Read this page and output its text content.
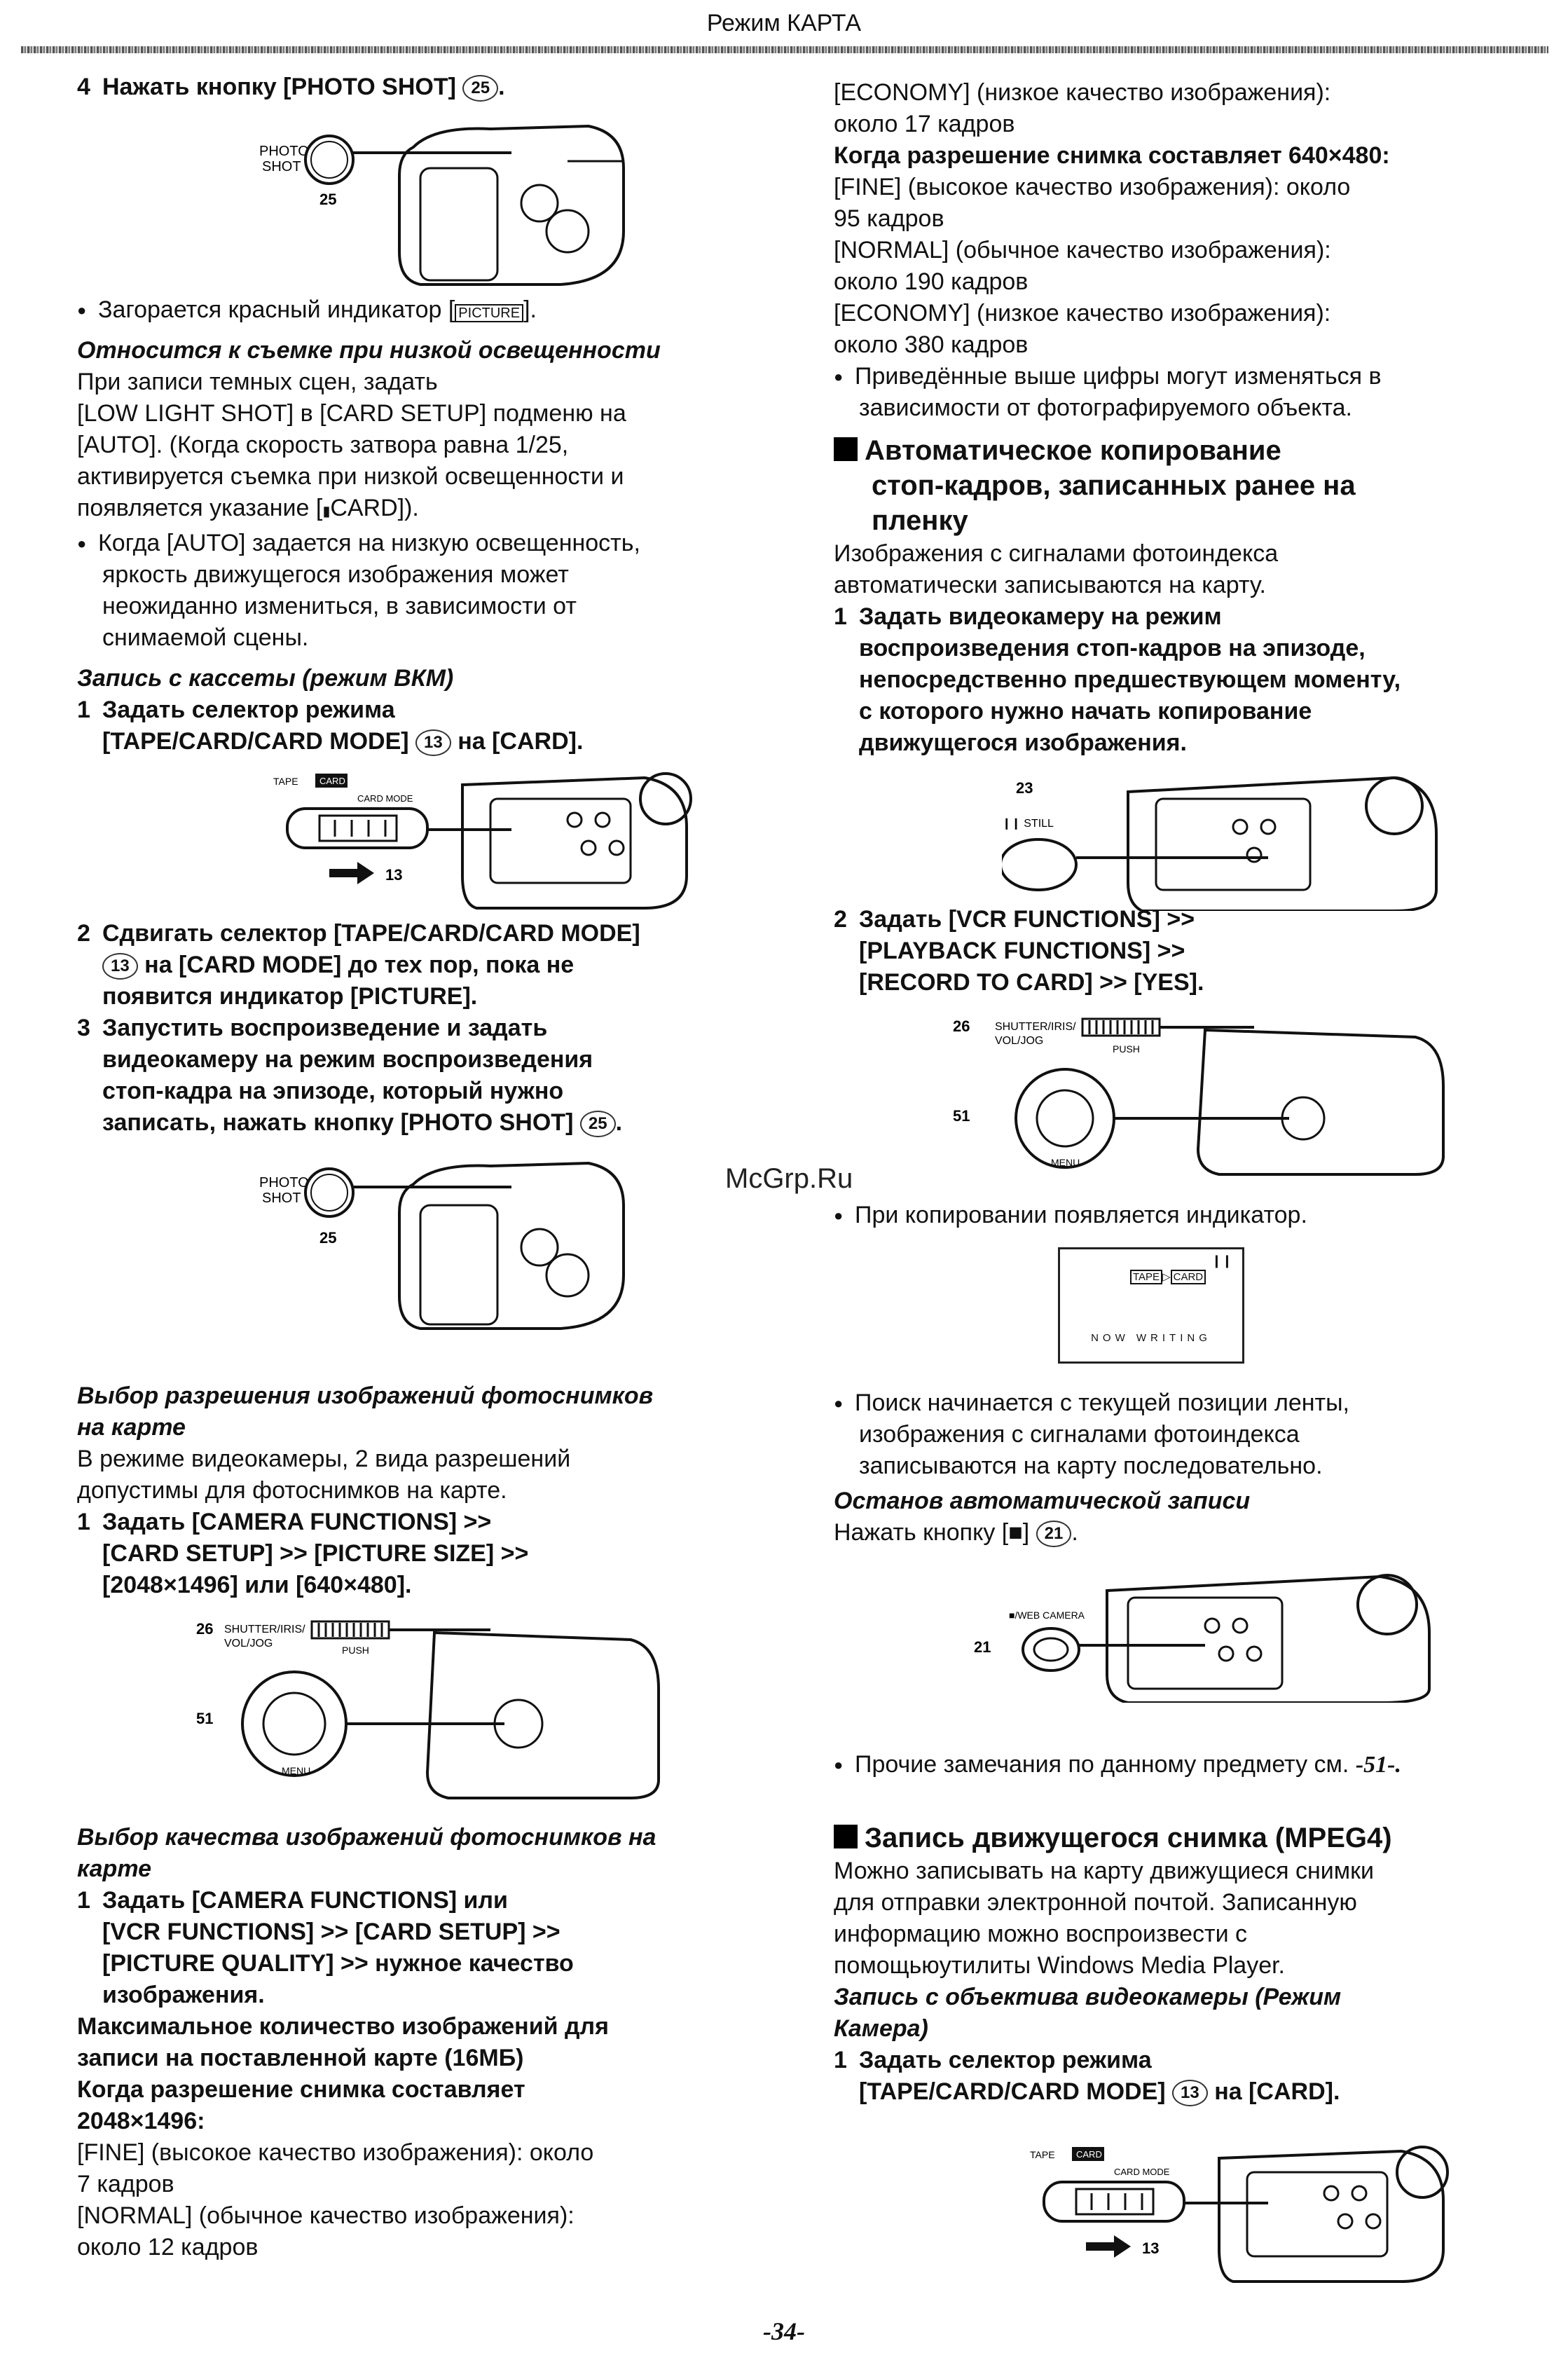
Режим КАРТА

4 Нажать кнопку [PHOTO SHOT] 25 .

PHOTO
SHOT
25

● Загорается красный индикатор [ PICTURE ].

Относится к съемке при низкой освещенности

При записи темных сцен, задать

[LOW LIGHT SHOT] в [CARD SETUP] подменю на

[AUTO]. (Когда скорость затвора равна 1/25,

активируется съемка при низкой освещенности и

появляется указание [▮CARD]).

● Когда [AUTO] задается на низкую освещенность,

яркость движущегося изображения может

неожиданно измениться, в зависимости от

снимаемой сцены.

Запись с кассеты (режим ВКМ)

1 Задать селектор режима

[TAPE/CARD/CARD MODE] 13 на [CARD].

TAPE CARD
CARD MODE
13

2 Сдвигать селектор [TAPE/CARD/CARD MODE]

13 на [CARD MODE] до тех пор, пока не

появится индикатор [PICTURE].

3 Запустить воспроизведение и задать

видеокамеру на режим воспроизведения

стоп-кадра на эпизоде, который нужно

записать, нажать кнопку [PHOTO SHOT] 25 .

PHOTO
SHOT
25

Выбор разрешения изображений фотоснимков

на карте

В режиме видеокамеры, 2 вида разрешений

допустимы для фотоснимков на карте.

1 Задать [CAMERA FUNCTIONS] >>

[CARD SETUP] >> [PICTURE SIZE] >>

[2048×1496] или [640×480].

26 SHUTTER/IRIS/
VOL/JOG
PUSH
51
MENU

Выбор качества изображений фотоснимков на

карте

1 Задать [CAMERA FUNCTIONS] или

[VCR FUNCTIONS] >> [CARD SETUP] >>

[PICTURE QUALITY] >> нужное качество

изображения.

Максимальное количество изображений для

записи на поставленной карте (16МБ)

Когда разрешение снимка составляет

2048×1496:

[FINE] (высокое качество изображения): около

7 кадров

[NORMAL] (обычное качество изображения):

около 12 кадров

[ECONOMY] (низкое качество изображения):

около 17 кадров

Когда разрешение снимка составляет 640×480:

[FINE] (высокое качество изображения): около

95 кадров

[NORMAL] (обычное качество изображения):

около 190 кадров

[ECONOMY] (низкое качество изображения):

около 380 кадров

● Приведённые выше цифры могут изменяться в

зависимости от фотографируемого объекта.

Автоматическое копирование

стоп-кадров, записанных ранее на

пленку

Изображения с сигналами фотоиндекса

автоматически записываются на карту.

1 Задать видеокамеру на режим

воспроизведения стоп-кадров на эпизоде,

непосредственно предшествующем моменту,

с которого нужно начать копирование

движущегося изображения.

23
❙❙ STILL

2 Задать [VCR FUNCTIONS] >>

[PLAYBACK FUNCTIONS] >>

[RECORD TO CARD] >> [YES].

26 SHUTTER/IRIS/
VOL/JOG
PUSH
51
MENU

● При копировании появляется индикатор.

● Поиск начинается с текущей позиции ленты,

изображения с сигналами фотоиндекса

записываются на карту последовательно.

Останов автоматической записи

Нажать кнопку [■] 21 .

■/WEB CAMERA
21

● Прочие замечания по данному предмету см. -51-.

Запись движущегося снимка (MPEG4)

Можно записывать на карту движущиеся снимки

для отправки электронной почтой. Записанную

информацию можно воспроизвести с

помощьюутилиты Windows Media Player.

Запись с объектива видеокамеры (Режим

Камера)

1 Задать селектор режима

[TAPE/CARD/CARD MODE] 13 на [CARD].

TAPE CARD
CARD MODE
13
❙❙
TAPE ▷ CARD
NOW WRITING
McGrp.Ru
-34-
